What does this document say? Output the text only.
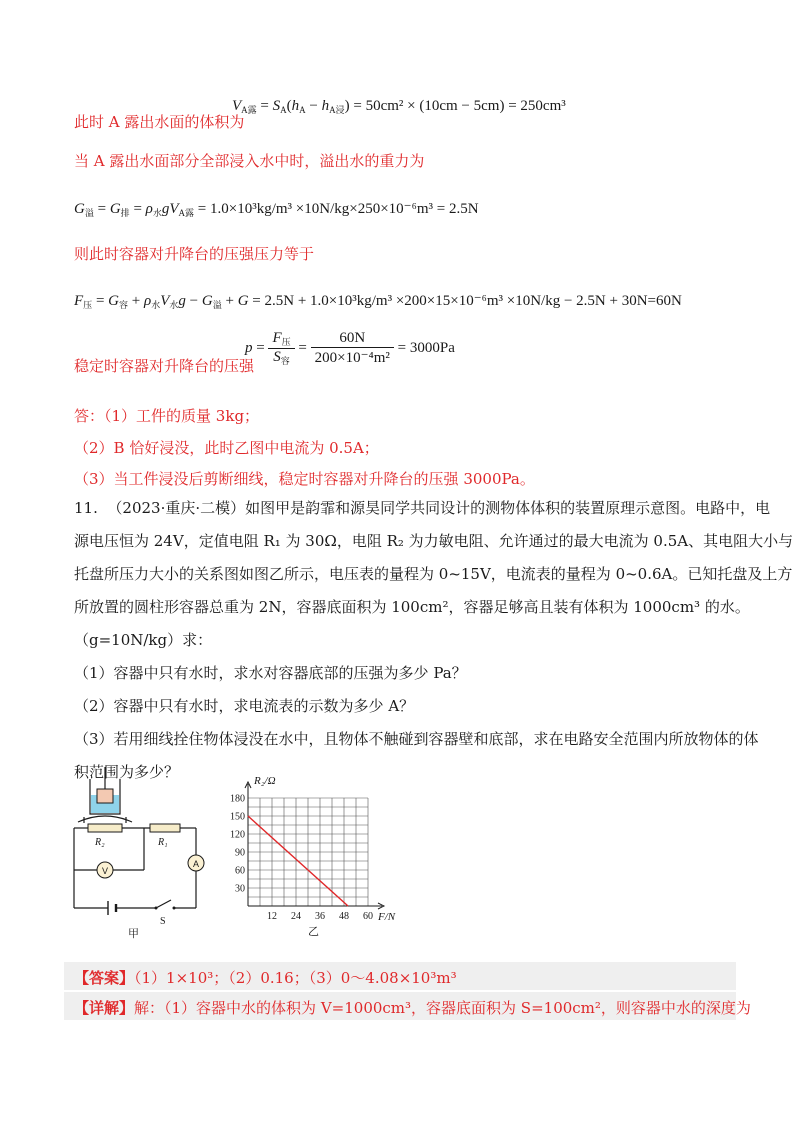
此时 A 露出水面的体积为
$V_{A露} = S_A(h_A - h_{A浸}) = 50cm^2 \times (10cm - 5cm) = 250cm^3$
当 A 露出水面部分全部浸入水中时，溢出水的重力为
$G_溢 = G_排 = \rho_水gV_{A露} = 1.0\times 10^3kg/m^3 \times 10N/kg\times 250\times 10^{-6}m^3 = 2.5N$
则此时容器对升降台的压强压力等于
$F_压 = G_容 + \rho_水V_水g - G_溢 + G = 2.5N + 1.0\times 10^3kg/m^3 \times 200\times 15\times 10^{-6}m^3 \times 10N/kg - 2.5N + 30N=60N$
稳定时容器对升降台的压强
$p = \frac{F_压}{S_容} = \frac{60N}{\text{200×10⁻⁴m²}} = 3000Pa$
答：（1）工件的质量 3kg；
（2）B 恰好浸没，此时乙图中电流为 0.5A；
（3）当工件浸没后剪断细线，稳定时容器对升降台的压强 3000Pa。
11. （2023·重庆·二模）如图甲是韵霏和源昊同学共同设计的测物体体积的装置原理示意图。电路中，电
源电压恒为 24V，定值电阻 R₁ 为 30Ω，电阻 R₂ 为力敏电阻、允许通过的最大电流为 0.5A、其电阻大小与
托盘所压力大小的关系图如图乙所示，电压表的量程为 0~15V，电流表的量程为 0~0.6A。已知托盘及上方
所放置的圆柱形容器总重为 2N，容器底面积为 100cm²，容器足够高且装有体积为 1000cm³ 的水。
（g=10N/kg）求：
（1）容器中只有水时，求水对容器底部的压强为多少 Pa？
（2）容器中只有水时，求电流表的示数为多少 A？
（3）若用细线拴住物体浸没在水中，且物体不触碰到容器壁和底部，求在电路安全范围内所放物体的体
积范围为多少？
R₂	R₁
V
A
S
甲
12 24 36 48 60
30
60
90
120
150
180
R₂/Ω
F/N
乙
【答案】（1）1×10³；（2）0.16；（3）0～4.08×10³m³
【详解】解：（1）容器中水的体积为 V=1000cm³，容器底面积为 S=100cm²，则容器中水的深度为
